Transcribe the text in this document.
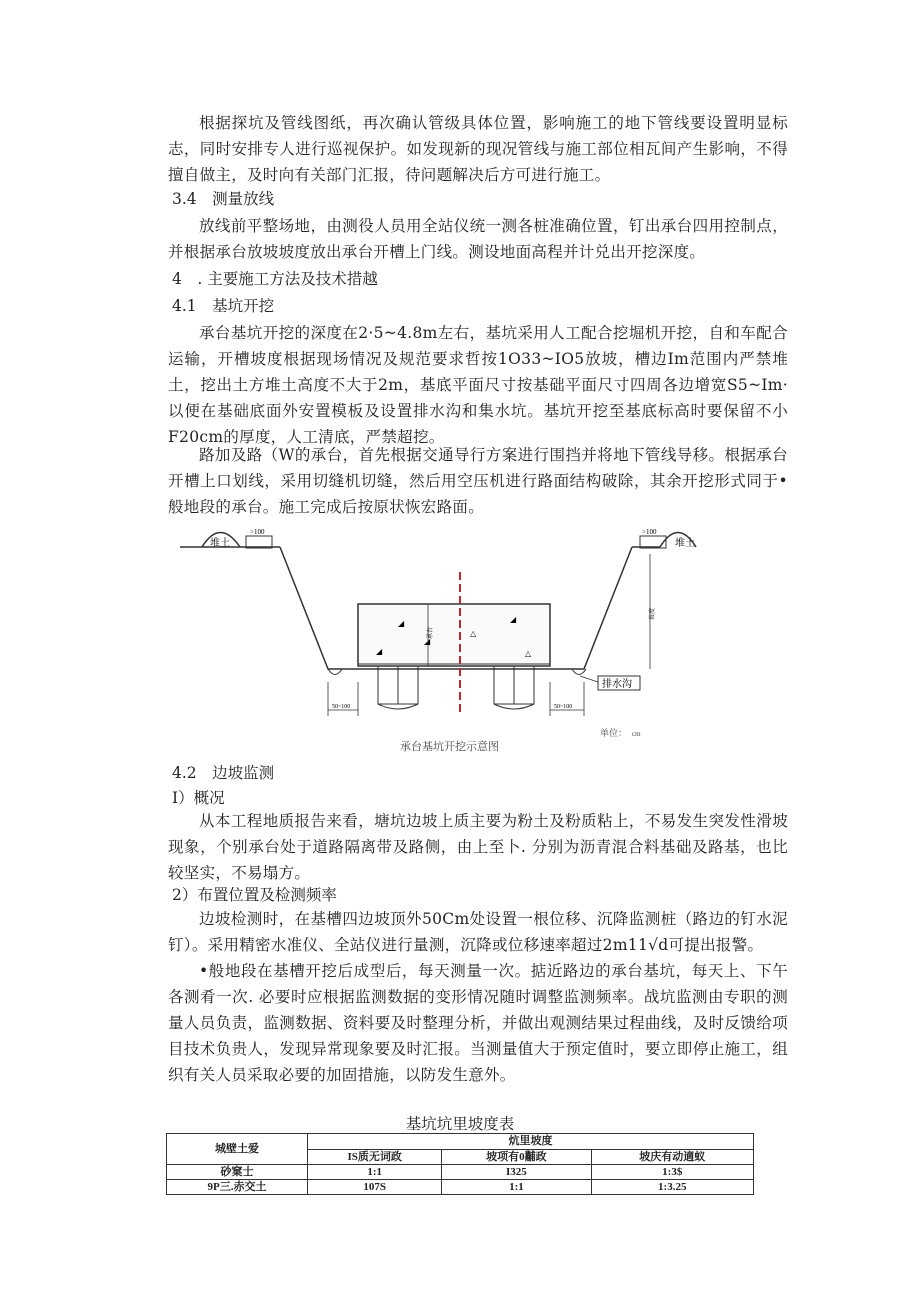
根据探坑及管线图纸，再次确认管级具体位置，影响施工的地下管线要设置明显标志，同时安排专人进行巡视保护。如发现新的现况管线与施工部位相瓦间产生影响，不得擅自做主，及时向有关部门汇报，待问题解决后方可进行施工。

3.4　测量放线

放线前平整场地，由测役人员用全站仪统一测各桩准确位置，钉出承台四用控制点，并根据承台放坡坡度放出承台开槽上门线。测设地面高程并计兑出开挖深度。

4　. 主要施工方法及技术措越

4.1　基坑开挖

承台基坑开挖的深度在2·5~4.8m左右，基坑采用人工配合挖堀机开挖，自和车配合运输，开槽坡度根据现场情况及规范要求哲按1O33~IO5放坡，槽边Im范围内严禁堆土，挖出土方堆土高度不大于2m，基底平面尺寸按基础平面尺寸四周各边增宽S5~Im·以便在基础底面外安置模板及设置排水沟和集水坑。基坑开挖至基底标高时要保留不小F20cm的厚度，人工清底，严禁超挖。

路加及路（W的承台，首先根据交通导行方案进行围挡并将地下管线导移。根据承台开槽上口划线，采用切缝机切缝，然后用空压机进行路面结构破除，其余开挖形式同于•般地段的承台。施工完成后按原状恢宏路面。

堆土	堆土
>100	>100
◢
△
◢
◢	△
◢
承台
坡度
排水沟
50~100	50~100
承台基坑开挖示意图
单位： cm

4.2　边坡监测

I）概况

从本工程地质报告来看，塘坑边坡上质主要为粉土及粉质粘上，不易发生突发性滑坡现象，个别承台处于道路隔离带及路侧，由上至卜. 分别为沥青混合料基础及路基，也比较坚实，不易塌方。

2）布置位置及检测频率

边坡检测时，在基槽四边坡顶外50Cm处设置一根位移、沉降监测桩（路边的钉水泥钉）。采用精密水准仪、全站仪进行量测，沉降或位移速率超过2m11√d可提出报警。

•般地段在基槽开挖后成型后，每天测量一次。掂近路边的承台基坑，每天上、下午各测肴一次. 必要时应根据监测数据的变形情况随时调整监测频率。战坑监测由专职的测量人员负责，监测数据、资料要及时整理分析，并做出观测结果过程曲线，及时反馈给项目技术负贵人，发现异常现象要及时汇报。当测量值大于预定值时，要立即停止施工，组织有关人员采取必要的加固措施，以防发生意外。

基坑坑里坡度表
城壁土爱	炕里坡度		
	IS质无词政	坡项有0黼政	坡庆有动適蚁
砂窠士	1:1	I325	1:3$
9P三.赤交土	107S	1:1	1:3.25
